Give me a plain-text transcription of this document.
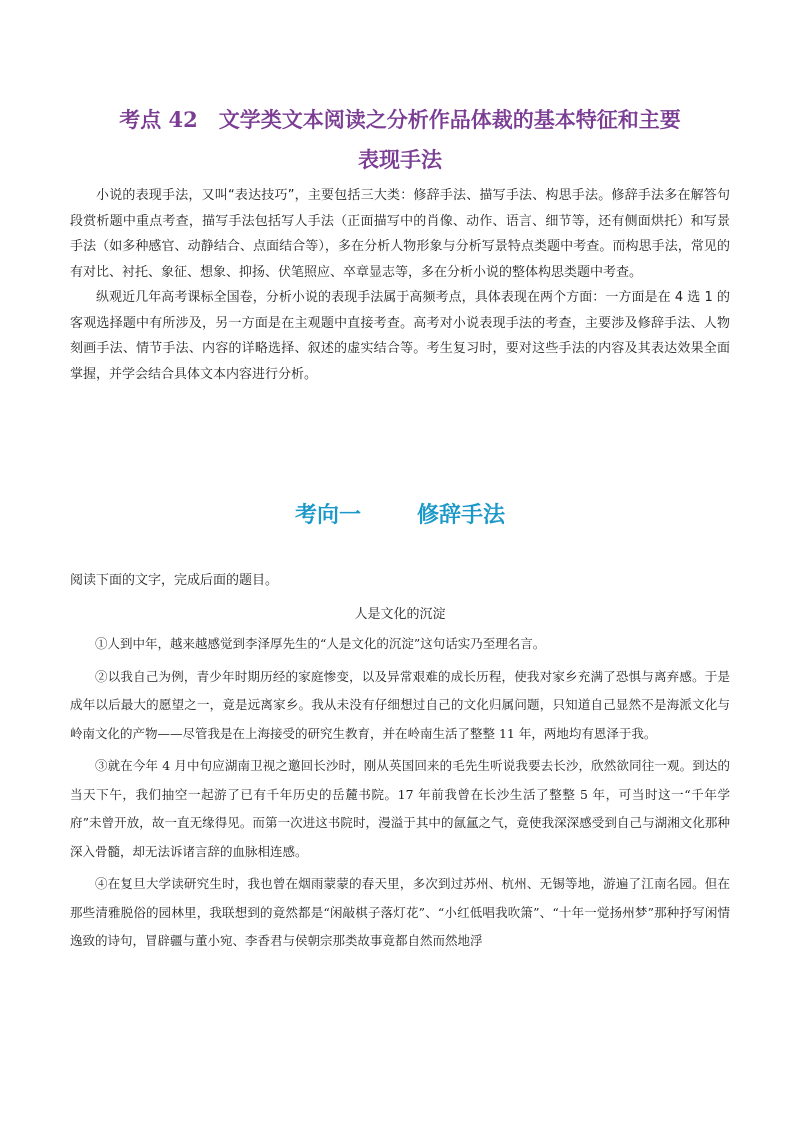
考点 42　文学类文本阅读之分析作品体裁的基本特征和主要
表现手法

小说的表现手法，又叫“表达技巧”，主要包括三大类：修辞手法、描写手法、构思手法。修辞手法多在解答句段赏析题中重点考查，描写手法包括写人手法（正面描写中的肖像、动作、语言、细节等，还有侧面烘托）和写景手法（如多种感官、动静结合、点面结合等），多在分析人物形象与分析写景特点类题中考查。而构思手法，常见的有对比、衬托、象征、想象、抑扬、伏笔照应、卒章显志等，多在分析小说的整体构思类题中考查。

纵观近几年高考课标全国卷，分析小说的表现手法属于高频考点，具体表现在两个方面：一方面是在 4 选 1 的客观选择题中有所涉及，另一方面是在主观题中直接考查。高考对小说表现手法的考查，主要涉及修辞手法、人物刻画手法、情节手法、内容的详略选择、叙述的虚实结合等。考生复习时，要对这些手法的内容及其表达效果全面掌握，并学会结合具体文本内容进行分析。

考向一	修辞手法
阅读下面的文字，完成后面的题目。
人是文化的沉淀

①人到中年，越来越感觉到李泽厚先生的“人是文化的沉淀”这句话实乃至理名言。

②以我自己为例，青少年时期历经的家庭惨变，以及异常艰难的成长历程，使我对家乡充满了恐惧与离弃感。于是成年以后最大的愿望之一，竟是远离家乡。我从未没有仔细想过自己的文化归属问题，只知道自己显然不是海派文化与岭南文化的产物——尽管我是在上海接受的研究生教育，并在岭南生活了整整 11 年，两地均有恩泽于我。

③就在今年 4 月中旬应湖南卫视之邀回长沙时，刚从英国回来的毛先生听说我要去长沙，欣然欲同往一观。到达的当天下午，我们抽空一起游了已有千年历史的岳麓书院。17 年前我曾在长沙生活了整整 5 年，可当时这一“千年学府”未曾开放，故一直无缘得见。而第一次进这书院时，漫溢于其中的氤氲之气，竟使我深深感受到自己与湖湘文化那种深入骨髓，却无法诉诸言辞的血脉相连感。

④在复旦大学读研究生时，我也曾在烟雨蒙蒙的春天里，多次到过苏州、杭州、无锡等地，游遍了江南名园。但在那些清雅脱俗的园林里，我联想到的竟然都是“闲敲棋子落灯花”、“小红低唱我吹箫”、“十年一觉扬州梦”那种抒写闲情逸致的诗句，冒辟疆与董小宛、李香君与侯朝宗那类故事竟都自然而然地浮
